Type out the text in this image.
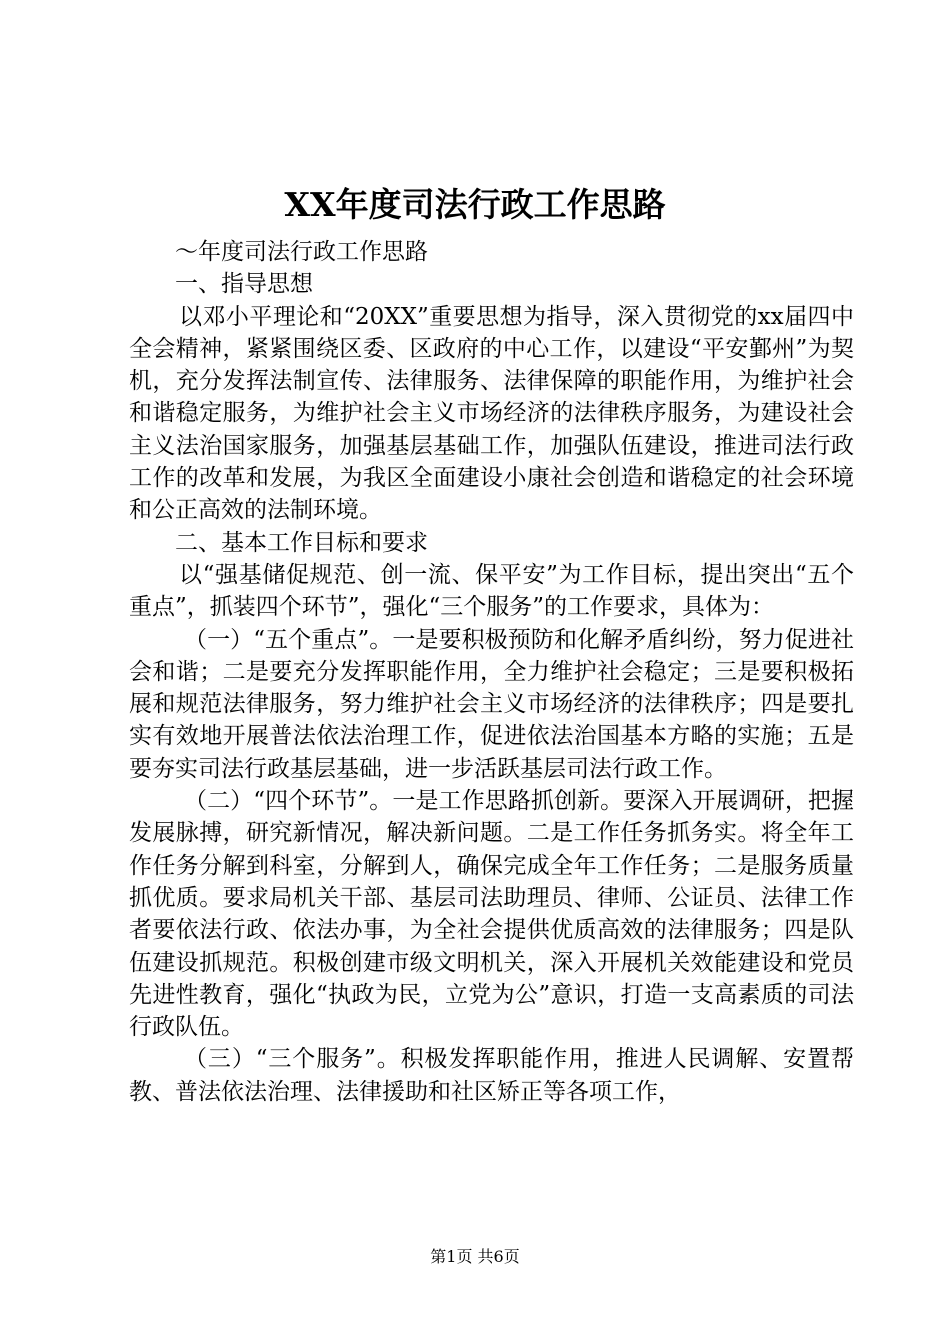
XX年度司法行政工作思路

～年度司法行政工作思路

一、指导思想

以邓小平理论和“20XX”重要思想为指导，深入贯彻党的xx届四中全会精神，紧紧围绕区委、区政府的中心工作，以建设“平安鄞州”为契机，充分发挥法制宣传、法律服务、法律保障的职能作用，为维护社会和谐稳定服务，为维护社会主义市场经济的法律秩序服务，为建设社会主义法治国家服务，加强基层基础工作，加强队伍建设，推进司法行政工作的改革和发展，为我区全面建设小康社会创造和谐稳定的社会环境和公正高效的法制环境。

二、基本工作目标和要求

以“强基储促规范、创一流、保平安”为工作目标，提出突出“五个重点”，抓装四个环节”，强化“三个服务”的工作要求，具体为：

（一）“五个重点”。一是要积极预防和化解矛盾纠纷，努力促进社会和谐；二是要充分发挥职能作用，全力维护社会稳定；三是要积极拓展和规范法律服务，努力维护社会主义市场经济的法律秩序；四是要扎实有效地开展普法依法治理工作，促进依法治国基本方略的实施；五是要夯实司法行政基层基础，进一步活跃基层司法行政工作。

（二）“四个环节”。一是工作思路抓创新。要深入开展调研，把握发展脉搏，研究新情况，解决新问题。二是工作任务抓务实。将全年工作任务分解到科室，分解到人，确保完成全年工作任务；二是服务质量抓优质。要求局机关干部、基层司法助理员、律师、公证员、法律工作者要依法行政、依法办事，为全社会提供优质高效的法律服务；四是队伍建设抓规范。积极创建市级文明机关，深入开展机关效能建设和党员先进性教育，强化“执政为民，立党为公”意识，打造一支高素质的司法行政队伍。

（三）“三个服务”。积极发挥职能作用，推进人民调解、安置帮教、普法依法治理、法律援助和社区矫正等各项工作，

第1页 共6页
